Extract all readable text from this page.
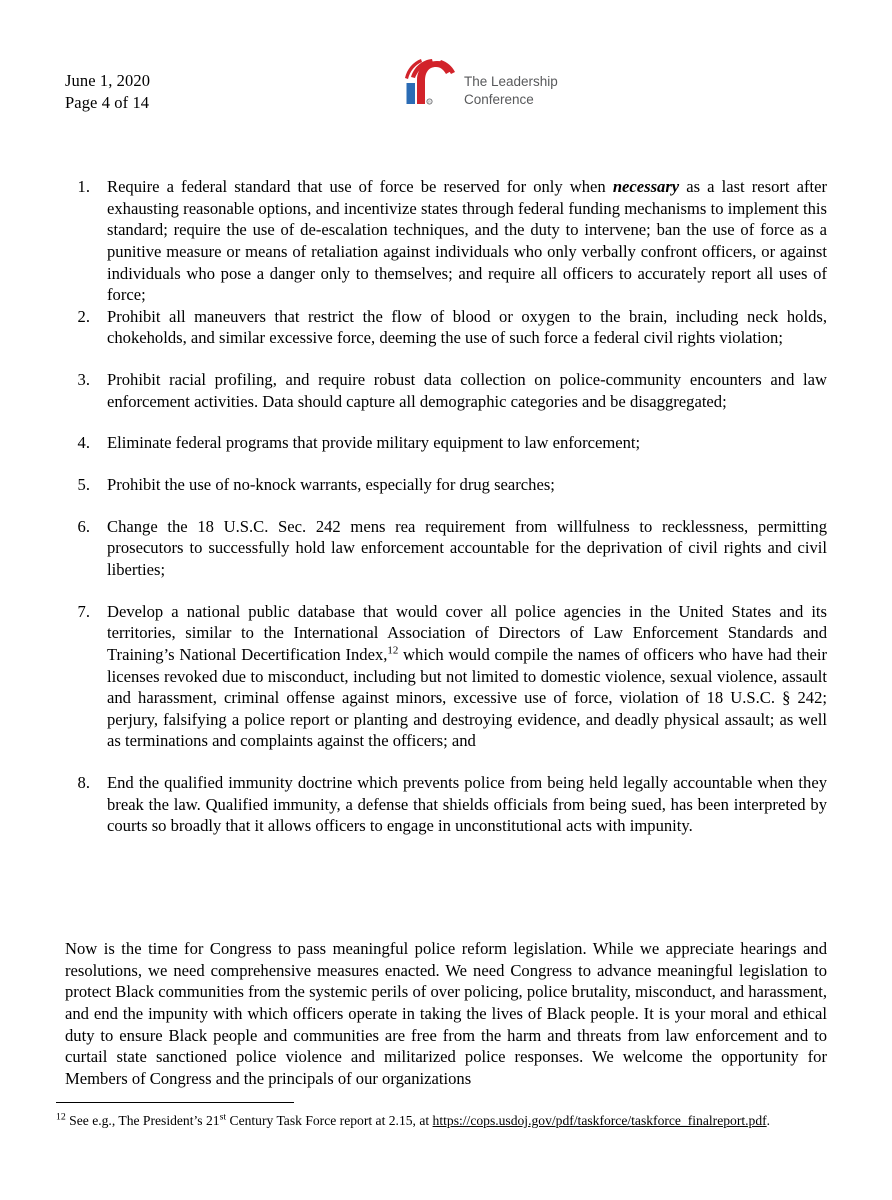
June 1, 2020
Page 4 of 14	R
The Leadership
Conference
1.	Require a federal standard that use of force be reserved for only when necessary as a last resort after exhausting reasonable options, and incentivize states through federal funding mechanisms to implement this standard; require the use of de-escalation techniques, and the duty to intervene; ban the use of force as a punitive measure or means of retaliation against individuals who only verbally confront officers, or against individuals who pose a danger only to themselves; and require all officers to accurately report all uses of force;
2.	Prohibit all maneuvers that restrict the flow of blood or oxygen to the brain, including neck holds, chokeholds, and similar excessive force, deeming the use of such force a federal civil rights violation;
3.	Prohibit racial profiling, and require robust data collection on police-community encounters and law enforcement activities. Data should capture all demographic categories and be disaggregated;
4.	Eliminate federal programs that provide military equipment to law enforcement;
5.	Prohibit the use of no-knock warrants, especially for drug searches;
6.	Change the 18 U.S.C. Sec. 242 mens rea requirement from willfulness to recklessness, permitting prosecutors to successfully hold law enforcement accountable for the deprivation of civil rights and civil liberties;
7.	Develop a national public database that would cover all police agencies in the United States and its territories, similar to the International Association of Directors of Law Enforcement Standards and Training’s National Decertification Index,$^{12}$ which would compile the names of officers who have had their licenses revoked due to misconduct, including but not limited to domestic violence, sexual violence, assault and harassment, criminal offense against minors, excessive use of force, violation of 18 U.S.C. § 242; perjury, falsifying a police report or planting and destroying evidence, and deadly physical assault; as well as terminations and complaints against the officers; and
8.	End the qualified immunity doctrine which prevents police from being held legally accountable when they break the law. Qualified immunity, a defense that shields officials from being sued, has been interpreted by courts so broadly that it allows officers to engage in unconstitutional acts with impunity.
Now is the time for Congress to pass meaningful police reform legislation. While we appreciate hearings and resolutions, we need comprehensive measures enacted. We need Congress to advance meaningful legislation to protect Black communities from the systemic perils of over policing, police brutality, misconduct, and harassment, and end the impunity with which officers operate in taking the lives of Black people. It is your moral and ethical duty to ensure Black people and communities are free from the harm and threats from law enforcement and to curtail state sanctioned police violence and militarized police responses. We welcome the opportunity for Members of Congress and the principals of our organizations
$^{12}$ See e.g., The President’s 21st Century Task Force report at 2.15, at https://cops.usdoj.gov/pdf/taskforce/taskforce_finalreport.pdf.
